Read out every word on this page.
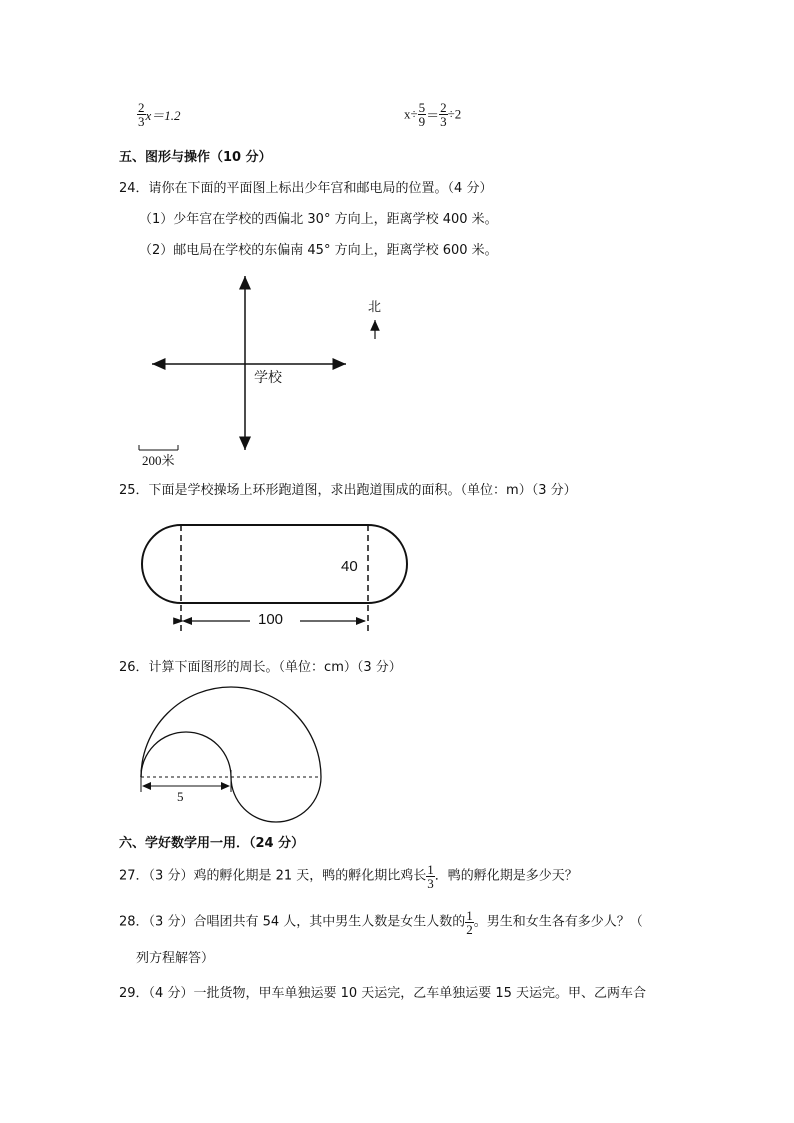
$\frac{2}{3} x=1.2$	$x\div \frac{5}{9} = \frac{2}{3} \div 2$
五、图形与操作（10 分）
24．请你在下面的平面图上标出少年宫和邮电局的位置。（4 分）
（1）少年宫在学校的西偏北 30° 方向上，距离学校 400 米。
（2）邮电局在学校的东偏南 45° 方向上，距离学校 600 米。
北
学校
200米
25．下面是学校操场上环形跑道图，求出跑道围成的面积。（单位：m）（3 分）
40
100
26．计算下面图形的周长。（单位：cm）（3 分）
5
六、学好数学用一用．（24 分）
27．（3 分）鸡的孵化期是 21 天，鸭的孵化期比鸡长 $\frac{1}{3}$ ．鸭的孵化期是多少天？
28．（3 分）合唱团共有 54 人，其中男生人数是女生人数的 $\frac{1}{2}$ 。男生和女生各有多少人？（
列方程解答）
29．（4 分）一批货物，甲车单独运要 10 天运完，乙车单独运要 15 天运完。甲、乙两车合
